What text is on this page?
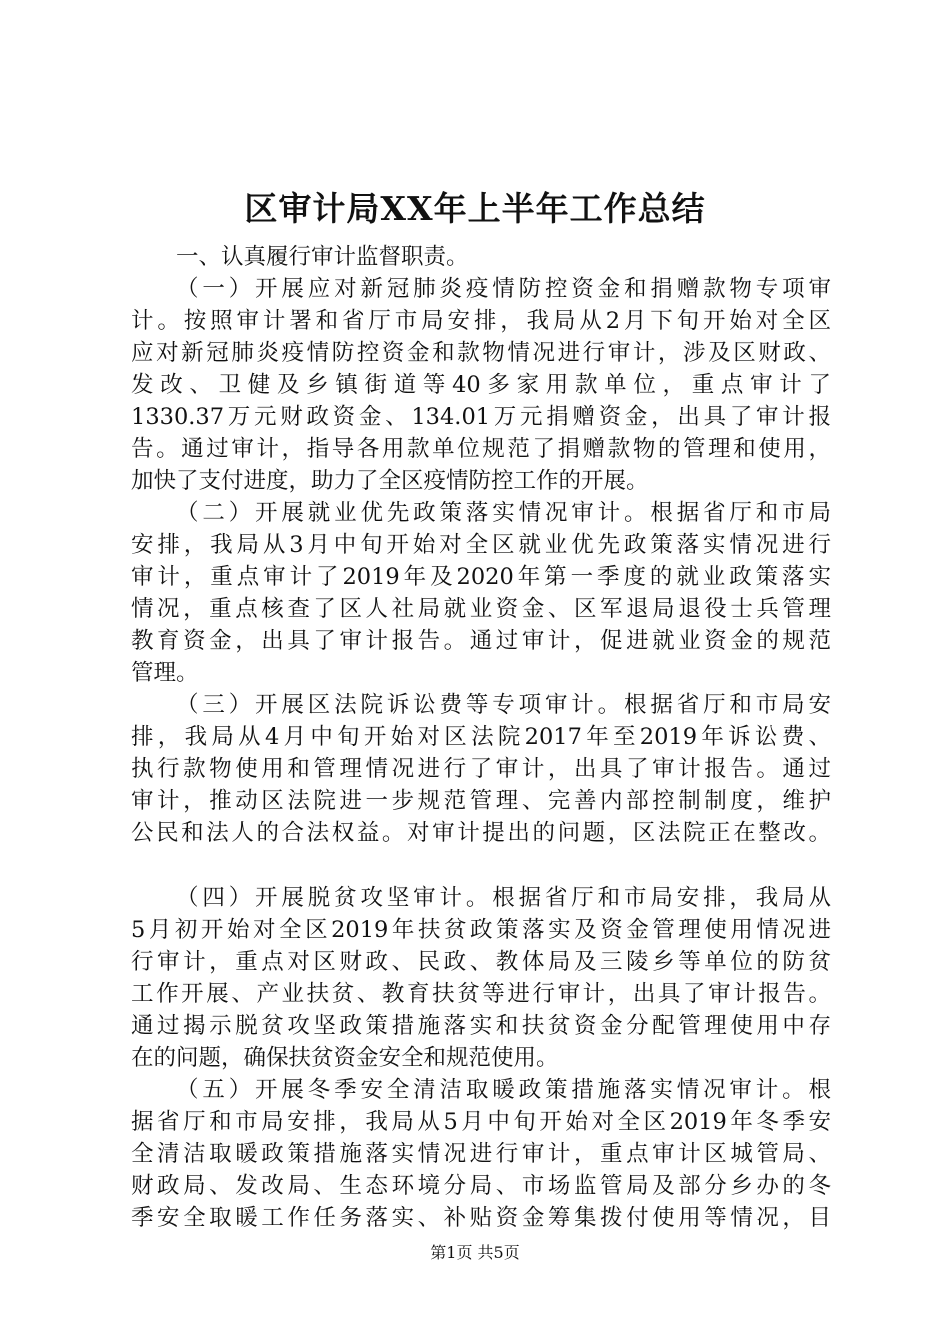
区审计局XX年上半年工作总结
一、认真履行审计监督职责。
（一）开展应对新冠肺炎疫情防控资金和捐赠款物专项审
计。按照审计署和省厅市局安排，我局从2月下旬开始对全区
应对新冠肺炎疫情防控资金和款物情况进行审计，涉及区财政、
发改、卫健及乡镇街道等40多家用款单位，重点审计了
1330.37万元财政资金、134.01万元捐赠资金，出具了审计报
告。通过审计，指导各用款单位规范了捐赠款物的管理和使用，
加快了支付进度，助力了全区疫情防控工作的开展。
（二）开展就业优先政策落实情况审计。根据省厅和市局
安排，我局从3月中旬开始对全区就业优先政策落实情况进行
审计，重点审计了2019年及2020年第一季度的就业政策落实
情况，重点核查了区人社局就业资金、区军退局退役士兵管理
教育资金，出具了审计报告。通过审计，促进就业资金的规范
管理。
（三）开展区法院诉讼费等专项审计。根据省厅和市局安
排，我局从4月中旬开始对区法院2017年至2019年诉讼费、
执行款物使用和管理情况进行了审计，出具了审计报告。通过
审计，推动区法院进一步规范管理、完善内部控制制度，维护
公民和法人的合法权益。对审计提出的问题，区法院正在整改。
（四）开展脱贫攻坚审计。根据省厅和市局安排，我局从
5月初开始对全区2019年扶贫政策落实及资金管理使用情况进
行审计，重点对区财政、民政、教体局及三陵乡等单位的防贫
工作开展、产业扶贫、教育扶贫等进行审计，出具了审计报告。
通过揭示脱贫攻坚政策措施落实和扶贫资金分配管理使用中存
在的问题，确保扶贫资金安全和规范使用。
（五）开展冬季安全清洁取暖政策措施落实情况审计。根
据省厅和市局安排，我局从5月中旬开始对全区2019年冬季安
全清洁取暖政策措施落实情况进行审计，重点审计区城管局、
财政局、发改局、生态环境分局、市场监管局及部分乡办的冬
季安全取暖工作任务落实、补贴资金筹集拨付使用等情况，目
第1页 共5页
